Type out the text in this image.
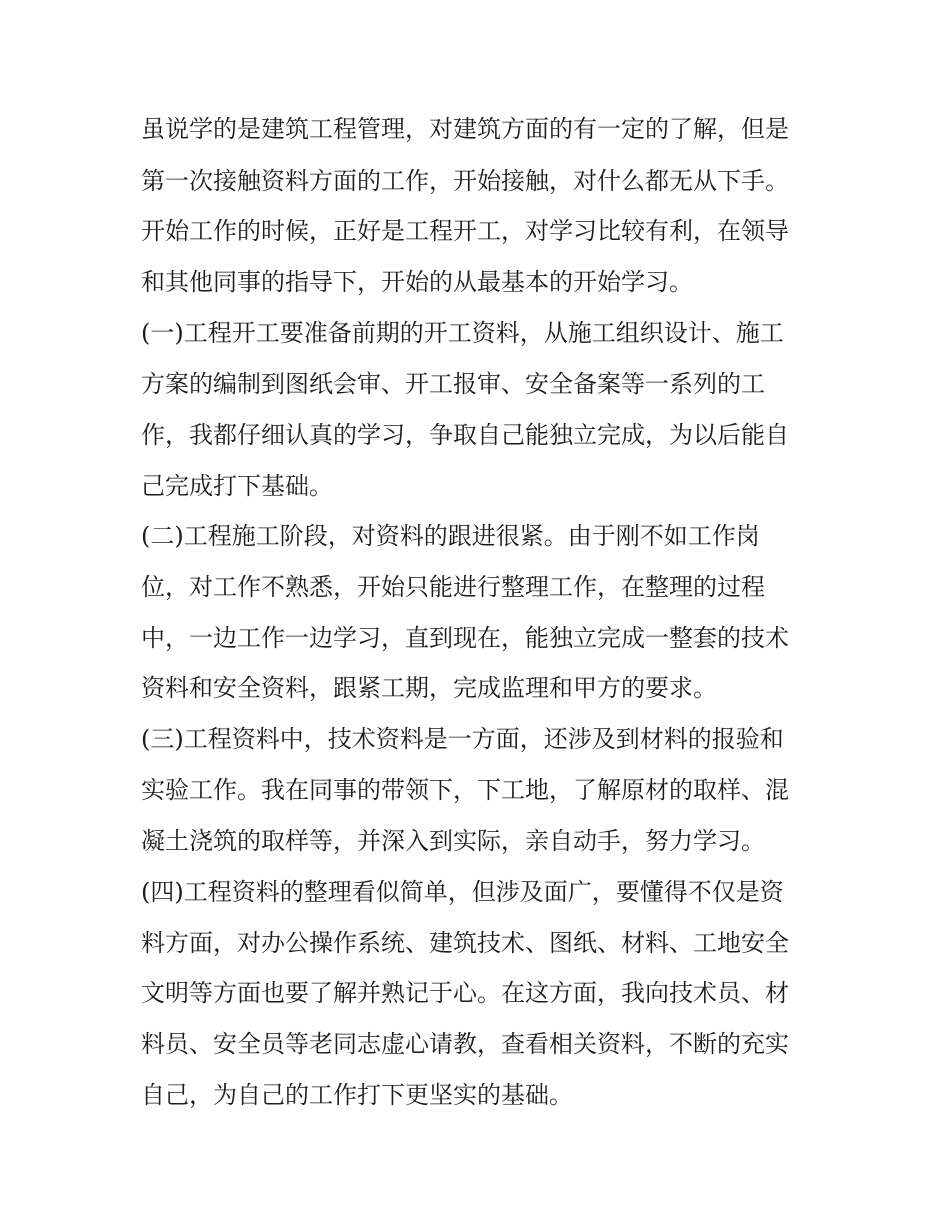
虽说学的是建筑工程管理，对建筑方面的有一定的了解，但是

第一次接触资料方面的工作，开始接触，对什么都无从下手。

开始工作的时候，正好是工程开工，对学习比较有利，在领导

和其他同事的指导下，开始的从最基本的开始学习。

(一)工程开工要准备前期的开工资料，从施工组织设计、施工

方案的编制到图纸会审、开工报审、安全备案等一系列的工

作，我都仔细认真的学习，争取自己能独立完成，为以后能自

己完成打下基础。

(二)工程施工阶段，对资料的跟进很紧。由于刚不如工作岗

位，对工作不熟悉，开始只能进行整理工作，在整理的过程

中，一边工作一边学习，直到现在，能独立完成一整套的技术

资料和安全资料，跟紧工期，完成监理和甲方的要求。

(三)工程资料中，技术资料是一方面，还涉及到材料的报验和

实验工作。我在同事的带领下，下工地，了解原材的取样、混

凝土浇筑的取样等，并深入到实际，亲自动手，努力学习。

(四)工程资料的整理看似简单，但涉及面广，要懂得不仅是资

料方面，对办公操作系统、建筑技术、图纸、材料、工地安全

文明等方面也要了解并熟记于心。在这方面，我向技术员、材

料员、安全员等老同志虚心请教，查看相关资料，不断的充实

自己，为自己的工作打下更坚实的基础。
